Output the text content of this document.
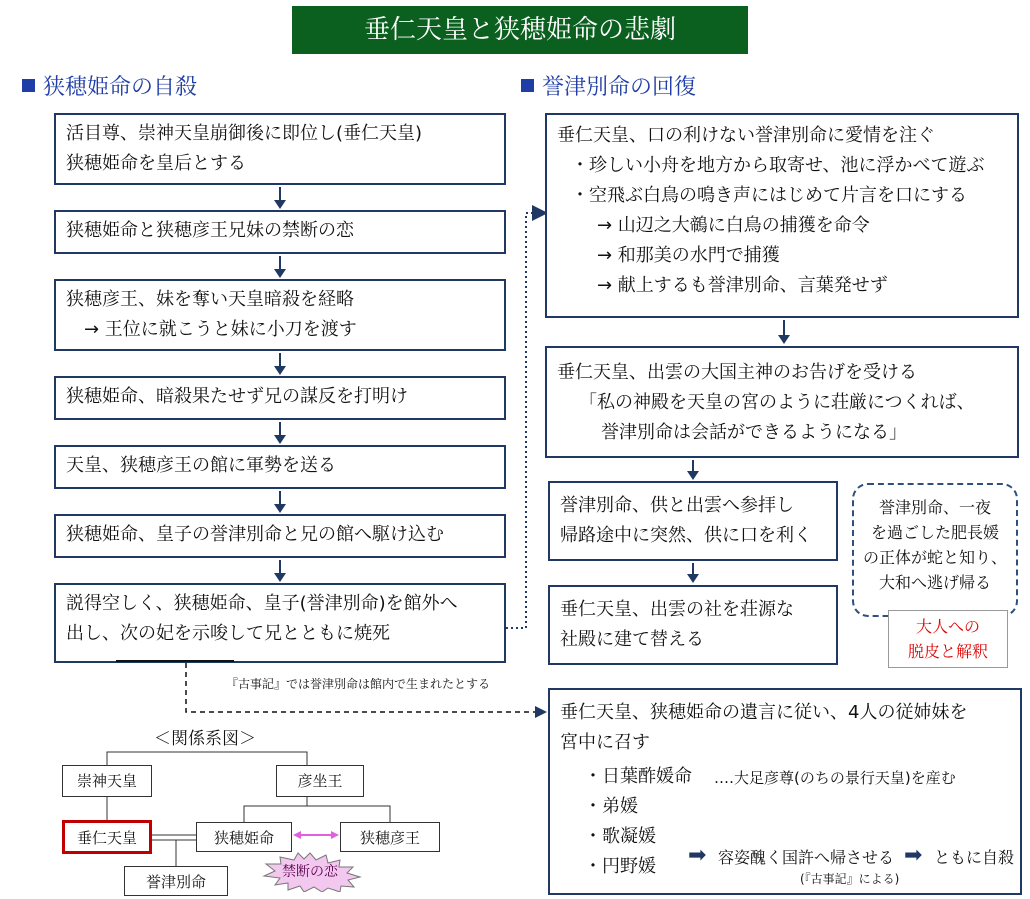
垂仁天皇と狭穂姫命の悲劇
狭穂姫命の自殺	誉津別命の回復
活目尊、崇神天皇崩御後に即位し(垂仁天皇)
狭穂姫命を皇后とする
狭穂姫命と狭穂彦王兄妹の禁断の恋
狭穂彦王、妹を奪い天皇暗殺を経略
→ 王位に就こうと妹に小刀を渡す
狭穂姫命、暗殺果たせず兄の謀反を打明け
天皇、狭穂彦王の館に軍勢を送る
狭穂姫命、皇子の誉津別命と兄の館へ駆け込む
説得空しく、狭穂姫命、皇子(誉津別命)を館外へ
出し、次の妃を示唆して兄とともに焼死
『古事記』では誉津別命は館内で生まれたとする
垂仁天皇、口の利けない誉津別命に愛情を注ぐ
・珍しい小舟を地方から取寄せ、池に浮かべて遊ぶ
・空飛ぶ白鳥の鳴き声にはじめて片言を口にする
→ 山辺之大鶙に白鳥の捕獲を命令
→ 和那美の水門で捕獲
→ 献上するも誉津別命、言葉発せず
垂仁天皇、出雲の大国主神のお告げを受ける
「私の神殿を天皇の宮のように荘厳につくれば、
誉津別命は会話ができるようになる」
誉津別命、供と出雲へ参拝し
帰路途中に突然、供に口を利く
垂仁天皇、出雲の社を荘源な
社殿に建て替える
誉津別命、一夜
を過ごした肥長媛
の正体が蛇と知り、
大和へ逃げ帰る
大人への
脱皮と解釈
垂仁天皇、狭穂姫命の遺言に従い、4人の従姉妹を
宮中に召す
・日葉酢媛命
・弟媛
・歌凝媛
・円野媛
‥‥大足彦尊(のちの景行天皇)を産む
➡ 容姿醜く国許へ帰させる ➡ ともに自殺
(『古事記』による)
＜関係系図＞
崇神天皇	彦坐王
垂仁天皇	狭穂姫命	狭穂彦王
誉津別命
禁断の恋
